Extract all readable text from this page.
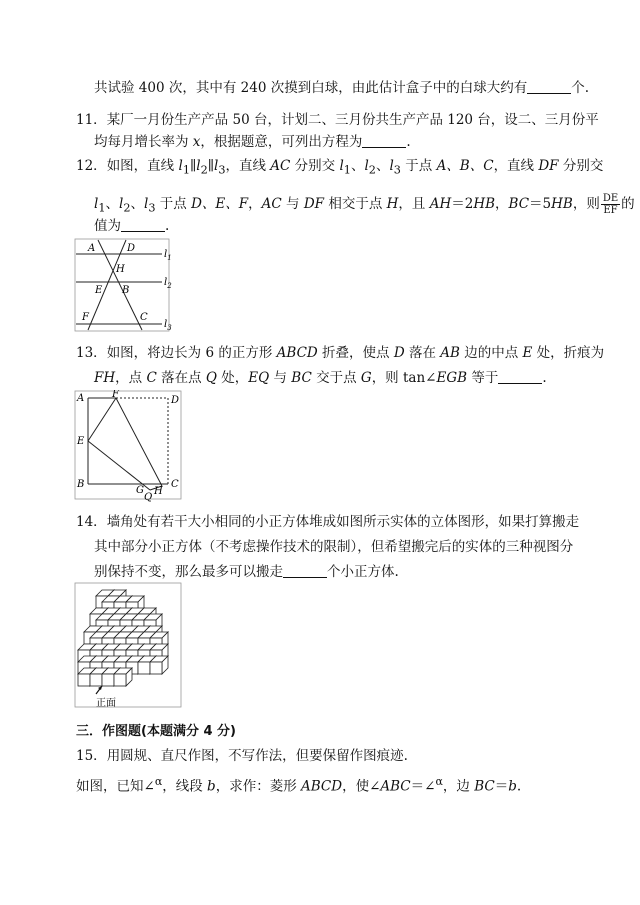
共试验 400 次，其中有 240 次摸到白球，由此估计盒子中的白球大约有	个.
11．某厂一月份生产产品 50 台，计划二、三月份共生产产品 120 台，设二、三月份平
均每月增长率为 x，根据题意，可列出方程为	.
12．如图，直线 $l_1\parallel l_2\parallel l_3$，直线 AC 分别交 $l_1$、$l_2$、$l_3$ 于点 A、B、C，直线 DF 分别交
$l_1$、$l_2$、$l_3$ 于点 D、E、F，AC 与 DF 相交于点 H，且 AH＝2HB，BC＝5HB，则 $\frac{DE}{EF}$ 的
值为	.
A	D
H
E B
F	C
$l_1$
$l_2$
$l_3$
13．如图，将边长为 6 的正方形 ABCD 折叠，使点 D 落在 AB 边的中点 E 处，折痕为
FH，点 C 落在点 Q 处，EQ 与 BC 交于点 G，则 tan∠EGB 等于	.
A	F
D
E
B
G
Q
H
C
14．墙角处有若干大小相同的小正方体堆成如图所示实体的立体图形，如果打算搬走
其中部分小正方体（不考虑操作技术的限制），但希望搬完后的实体的三种视图分
别保持不变，那么最多可以搬走	个小正方体.
正面
三．作图题(本题满分 4 分)
15．用圆规、直尺作图，不写作法，但要保留作图痕迹.
如图，已知∠$^\alpha$，线段 b，求作：菱形 ABCD，使∠ABC＝∠$^\alpha$，边 BC＝b.
